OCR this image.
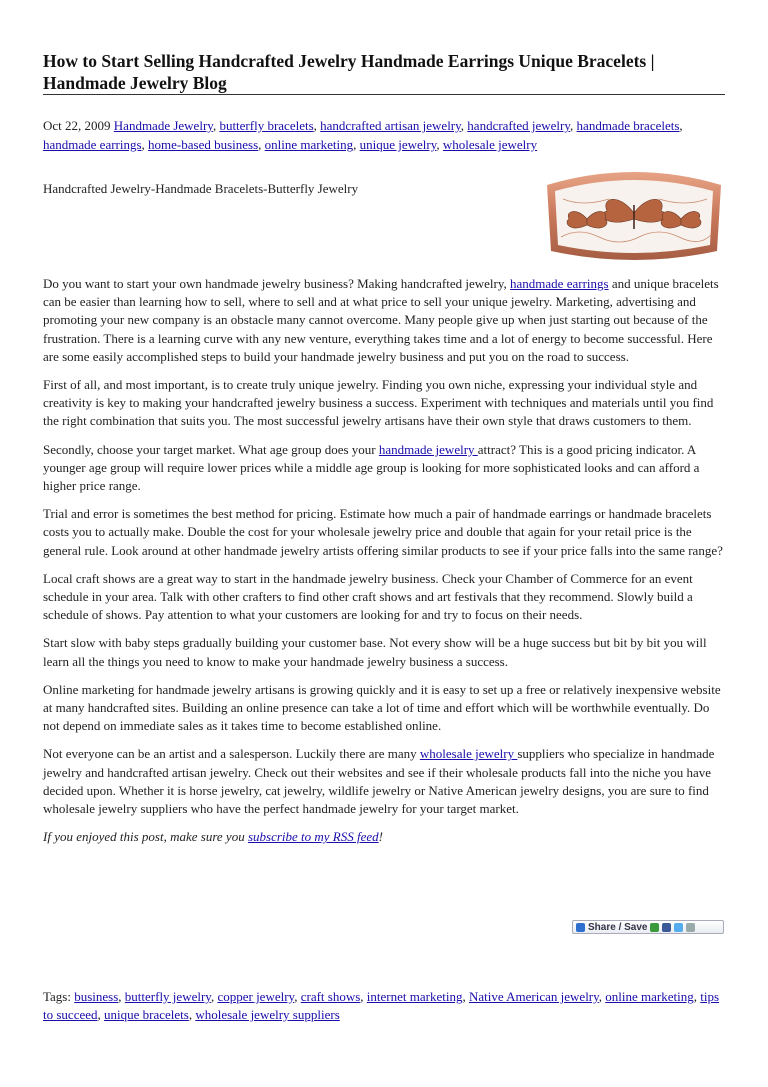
How to Start Selling Handcrafted Jewelry Handmade Earrings Unique Bracelets | Handmade Jewelry Blog
Oct 22, 2009 Handmade Jewelry, butterfly bracelets, handcrafted artisan jewelry, handcrafted jewelry, handmade bracelets, handmade earrings, home-based business, online marketing, unique jewelry, wholesale jewelry
Handcrafted Jewelry-Handmade Bracelets-Butterfly Jewelry

Do you want to start your own handmade jewelry business? Making handcrafted jewelry, handmade earrings and unique bracelets can be easier than learning how to sell, where to sell and at what price to sell your unique jewelry. Marketing, advertising and promoting your new company is an obstacle many cannot overcome. Many people give up when just starting out because of the frustration. There is a learning curve with any new venture, everything takes time and a lot of energy to become successful. Here are some easily accomplished steps to build your handmade jewelry business and put you on the road to success.

First of all, and most important, is to create truly unique jewelry. Finding you own niche, expressing your individual style and creativity is key to making your handcrafted jewelry business a success. Experiment with techniques and materials until you find the right combination that suits you. The most successful jewelry artisans have their own style that draws customers to them.

Secondly, choose your target market. What age group does your handmade jewelry attract? This is a good pricing indicator. A younger age group will require lower prices while a middle age group is looking for more sophisticated looks and can afford a higher price range.

Trial and error is sometimes the best method for pricing. Estimate how much a pair of handmade earrings or handmade bracelets costs you to actually make. Double the cost for your wholesale jewelry price and double that again for your retail price is the general rule. Look around at other handmade jewelry artists offering similar products to see if your price falls into the same range?

Local craft shows are a great way to start in the handmade jewelry business. Check your Chamber of Commerce for an event schedule in your area. Talk with other crafters to find other craft shows and art festivals that they recommend. Slowly build a schedule of shows. Pay attention to what your customers are looking for and try to focus on their needs.

Start slow with baby steps gradually building your customer base. Not every show will be a huge success but bit by bit you will learn all the things you need to know to make your handmade jewelry business a success.

Online marketing for handmade jewelry artisans is growing quickly and it is easy to set up a free or relatively inexpensive website at many handcrafted sites. Building an online presence can take a lot of time and effort which will be worthwhile eventually. Do not depend on immediate sales as it takes time to become established online.

Not everyone can be an artist and a salesperson. Luckily there are many wholesale jewelry suppliers who specialize in handmade jewelry and handcrafted artisan jewelry. Check out their websites and see if their wholesale products fall into the niche you have decided upon. Whether it is horse jewelry, cat jewelry, wildlife jewelry or Native American jewelry designs, you are sure to find wholesale jewelry suppliers who have the perfect handmade jewelry for your target market.

If you enjoyed this post, make sure you subscribe to my RSS feed!

Share / Save
Tags: business, butterfly jewelry, copper jewelry, craft shows, internet marketing, Native American jewelry, online marketing, tips to succeed, unique bracelets, wholesale jewelry suppliers
